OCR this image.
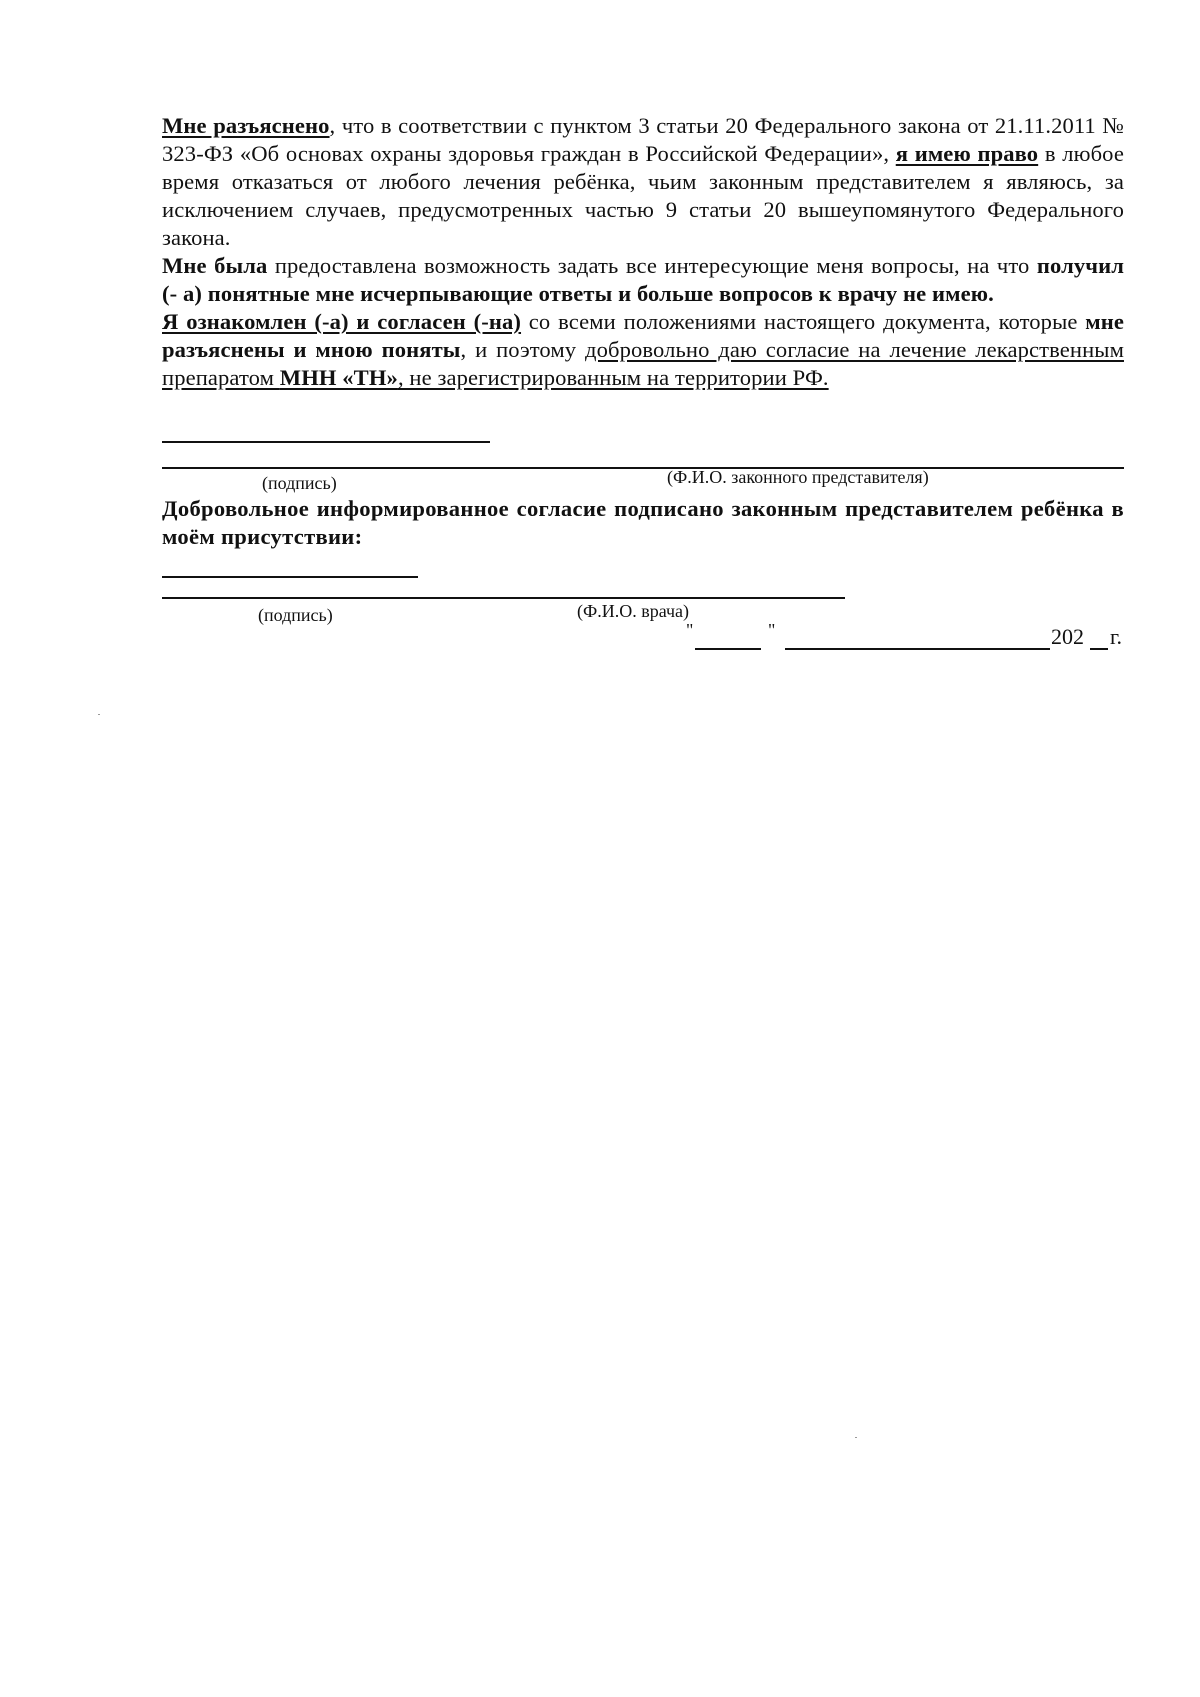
Мне разъяснено, что в соответствии с пунктом 3 статьи 20 Федерального закона от 21.11.2011 № 323-ФЗ «Об основах охраны здоровья граждан в Российской Федерации», я имею право в любое время отказаться от любого лечения ребёнка, чьим законным представителем я являюсь, за исключением случаев, предусмотренных частью 9 статьи 20 вышеупомянутого Федерального закона.

Мне была предоставлена возможность задать все интересующие меня вопросы, на что получил (- а) понятные мне исчерпывающие ответы и больше вопросов к врачу не имею.

Я ознакомлен (-а) и согласен (-на) со всеми положениями настоящего документа, которые мне разъяснены и мною поняты, и поэтому добровольно даю согласие на лечение лекарственным препаратом МНН «ТН», не зарегистрированным на территории РФ.

(подпись)	(Ф.И.О. законного представителя)
Добровольное информированное согласие подписано законным представителем ребёнка в моём присутствии:
(подпись)	(Ф.И.О. врача)
"	"	202 г.
